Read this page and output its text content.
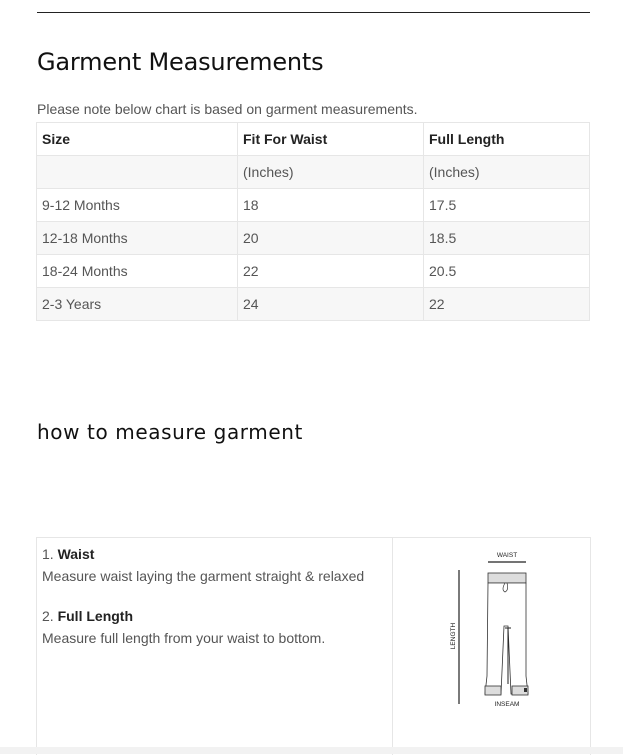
Garment Measurements
Please note below chart is based on garment measurements.
Size	Fit For Waist	Full Length
	(Inches)	(Inches)
9-12 Months	18	17.5
12-18 Months	20	18.5
18-24 Months	22	20.5
2-3 Years	24	22
how to measure garment
1. Waist
Measure waist laying the garment straight & relaxed
2. Full Length
Measure full length from your waist to bottom.
WAIST
LENGTH
INSEAM
